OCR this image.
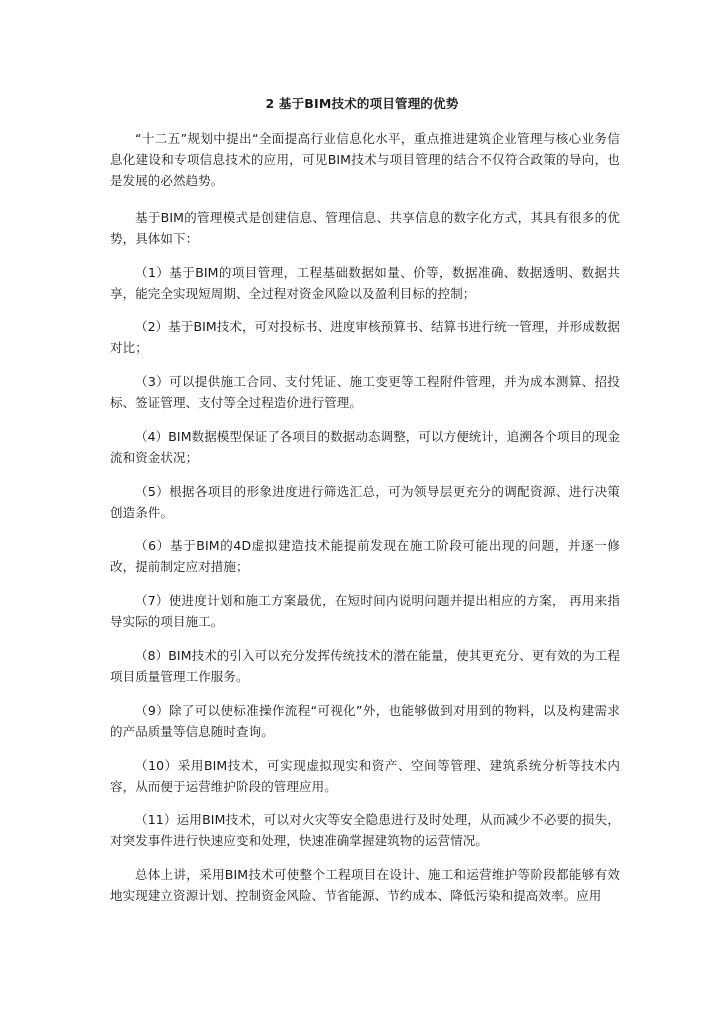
2 基于BIM技术的项目管理的优势

“十二五”规划中提出“全面提高行业信息化水平，重点推进建筑企业管理与核心业务信息化建设和专项信息技术的应用，可见BIM技术与项目管理的结合不仅符合政策的导向，也是发展的必然趋势。

基于BIM的管理模式是创建信息、管理信息、共享信息的数字化方式，其具有很多的优势，具体如下：

（1）基于BIM的项目管理，工程基础数据如量、价等，数据准确、数据透明、数据共享，能完全实现短周期、全过程对资金风险以及盈利目标的控制；

（2）基于BIM技术，可对投标书、进度审核预算书、结算书进行统一管理，并形成数据对比；

（3）可以提供施工合同、支付凭证、施工变更等工程附件管理，并为成本测算、招投标、签证管理、支付等全过程造价进行管理。

（4）BIM数据模型保证了各项目的数据动态调整，可以方便统计，追溯各个项目的现金流和资金状况；

（5）根据各项目的形象进度进行筛选汇总，可为领导层更充分的调配资源、进行决策创造条件。

（6）基于BIM的4D虚拟建造技术能提前发现在施工阶段可能出现的问题，并逐一修改，提前制定应对措施；

（7）使进度计划和施工方案最优，在短时间内说明问题并提出相应的方案， 再用来指导实际的项目施工。

（8）BIM技术的引入可以充分发挥传统技术的潜在能量，使其更充分、更有效的为工程项目质量管理工作服务。

（9）除了可以使标准操作流程“可视化”外，也能够做到对用到的物料，以及构建需求的产品质量等信息随时查询。

（10）采用BIM技术，可实现虚拟现实和资产、空间等管理、建筑系统分析等技术内容，从而便于运营维护阶段的管理应用。

（11）运用BIM技术，可以对火灾等安全隐患进行及时处理，从而减少不必要的损失，对突发事件进行快速应变和处理，快速准确掌握建筑物的运营情况。

总体上讲，采用BIM技术可使整个工程项目在设计、施工和运营维护等阶段都能够有效地实现建立资源计划、控制资金风险、节省能源、节约成本、降低污染和提高效率。应用
